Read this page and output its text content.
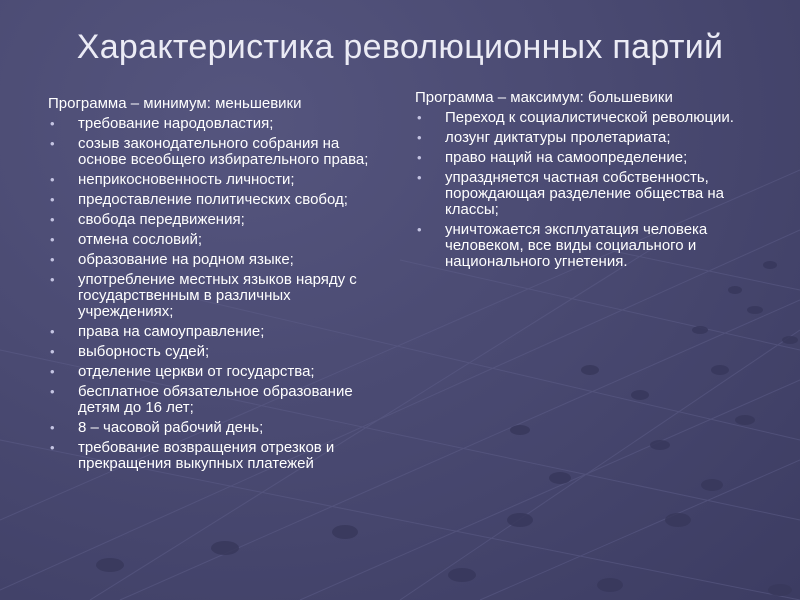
Характеристика революционных партий
Программа – минимум: меньшевики
•	требование народовластия;
•	созыв законодательного собрания на основе всеобщего избирательного права;
•	неприкосновенность личности;
•	предоставление политических свобод;
•	свобода передвижения;
•	отмена сословий;
•	образование на родном языке;
•	употребление местных языков наряду с государственным в различных учреждениях;
•	права на самоуправление;
•	выборность судей;
•	отделение церкви от государства;
•	бесплатное обязательное образование детям до 16 лет;
•	8 – часовой рабочий день;
•	требование возвращения отрезков и прекращения выкупных платежей
Программа – максимум: большевики
•	Переход к социалистической революции.
•	лозунг диктатуры пролетариата;
•	право наций на самоопределение;
•	упраздняется частная собственность, порождающая разделение общества на классы;
•	уничтожается эксплуатация человека человеком, все виды социального и национального угнетения.
